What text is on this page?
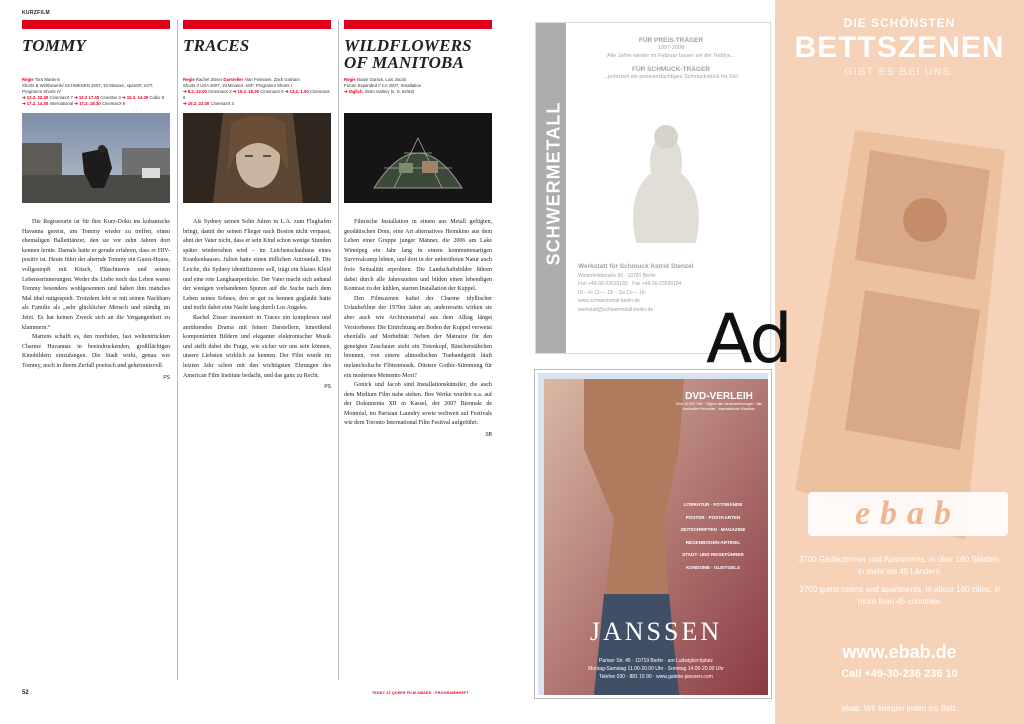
KURZFILM
TOMMY
Regie Tora Martens
Shorts & Wettbewerb/ SCHWEDEN 2007, 18 Minuten, spanOF, eOT, Programm Shorts IV
➔ 13.2. 22.30 CinemaxX 7 ➔ 12.2 17.45 CineStar 3 ➔ 15.2. 14.30 Cubix 9
➔ 17.2. 14.00 International ➔ 17.2. 18.30 CinemaxX 6

Die Regisseurin ist für ihre Kurz-Doku ins kubanische Havanna gereist, um Tommy wieder zu treffen, einen ehemaligen Balletttänzer, den sie vor zehn Jahren dort kennen lernte. Damals hatte er gerade erfahren, dass er HIV-positiv ist. Heute führt der alternde Tommy ein Guest-House, vollgestopft mit Kitsch, Plüschtieren und seinen Lebenserinnerungen. Weder die Liebe noch das Leben waren Tommy besonders wohlgesonnen und haben ihm manches Mal übel mitgespielt. Trotzdem lebt er mit seinen Nachbarn als Familie als „sehr glücklicher Mensch und ständig im Jetzt. Es hat keinen Zweck sich an die Vergangenheit zu klammern.“

Martens schafft es, den morbiden, fast weltentrückten Charme Havannas in beeindruckenden, großflächigen Kinobildern einzufangen. Die Stadt wirkt, genau wie Tommy, noch in ihrem Zerfall poetisch und geheimnisvoll.

PS
TRACES
Regie Rachel Zisser Darsteller Alan Feinstein, Zack Graham
Shorts // USA 2007, 19 Minuten, eOF, Programm Shorts I
➔ 8.2. 22.00 CinemaxX 3 ➔ 10.2. 18.30 CinemaxX 6 ➔ 13.2. 1.00 CinemaxX 6
➔ 15.2. 22.00 CinemaxX 3

Als Sydney seinen Sohn Julien in L.A. zum Flughafen bringt, damit der seinen Flieger nach Boston nicht verpasst, ahnt der Vater nicht, dass er sein Kind schon wenige Stunden später wiedersehen wird – im Leichenschauhaus eines Krankenhauses. Julien hatte einen tödlichen Autounfall. Die Leiche, die Sydney identifizieren soll, trägt ein blaues Kleid und eine rote Langhaarperücke. Der Vater macht sich anhand der wenigen vorhandenen Spuren auf die Suche nach dem Leben seines Sohnes, den er gut zu kennen geglaubt hatte und treibt dabei eine Nacht lang durch Los Angeles.

Rachel Zisser inszeniert in Traces ein komplexes und anrührendes Drama mit feinen Darstellern, hinreißend komponierten Bildern und eleganter elektronischer Musik und stellt dabei die Frage, wie sicher wir uns sein können, unsere Liebsten wirklich zu kennen. Der Film wurde im letzten Jahr schon mit den wichtigsten Ehrungen des American Film Institute bedacht, und das ganz zu Recht.

PS
WILDFLOWERS OF MANITOBA
Regie Noam Gonick, Luis Jacob
Forum Expanded // CA 2007, Installation
➔ täglich, Wolo Gallery (s. S. 62/63)

Filmische Installation in einem aus Metall gefügten, geodätischen Dom, eine Art alternatives Heimkino aus dem Leben einer Gruppe junger Männer, die 2006 am Lake Winnipeg ein Jahr lang in einem kommunenartigen Survivalcamp lebten, und dort in der unberührten Natur auch freie Sexualität erprobten. Die Landschaftsbilder führen dabei durch alle Jahreszeiten und bilden einen lebendigen Kontrast zu der kühlen, starren Installation der Kuppel.

Den Filmszenen haftet der Charme idyllischer Urlaubsfilme der 1970er Jahre an, andererseits wirken sie aber auch wie Archivmaterial aus dem Alltag längst Verstorbener. Die Einrichtung am Boden der Kuppel verweist ebenfalls auf Morbidität: Neben der Matratze für den geneigten Zuschauer steht ein Totenkopf, Räucherstäbchen brennen, von einem altmodischen Tonbandgerät läuft melancholische Flötenmusik. Düstere Gothic-Stimmung für ein modernes Memento Mori?

Gonick und Jacob sind Installationskünstler, die auch dem Medium Film nahe stehen. Ihre Werke wurden u.a. auf der Dokumenta XII in Kassel, der 2007 Biennale de Montréal, im Parisian Laundry sowie weltweit auf Festivals wie dem Toronto International Film Festival aufgeführt.

SB
52	TEDDY 22 QUEER FILM AWARD · PROGRAMMHEFT
SCHWERMETALL
FÜR PREIS-TRÄGER
1997-2008
Alle Jahre wieder im Februar bauen wir die Teddys...
FÜR SCHMUCK-TRÄGER
...jederzeit ein preisverdächtiges Schmuckstück für Sie!
Werkstatt für Schmuck Astrid Stenzel
Winterfeldtstraße 50 · 10781 Berlin
Fon +49-30-23639183 · Fax +49-30-23639184
Di – Fr 11ⁿ – 19ⁿ · Sa 11ⁿ – 16ⁿ
www.schwermetall-berlin.de
werkstatt@schwermetall-berlin.de
DVD-VERLEIH
Über 10.000 Titel · Täglich alle Neuerscheinungen · Alle namhaften Hersteller · Internationale Klassiker
LITERATUR · FOTOBÄNDE
POSTER · POSTKARTEN
ZEITSCHRIFTEN · MAGAZINE
REGENBOGEN-ARTIKEL
STADT- UND REISEFÜHRER
KONDOME · GLEITGELS
JANSSEN
Pariser Str. 45 · 10719 Berlin · am Ludwigkirchplatz
Montag-Samstag 11.00-20.00 Uhr · Sonntag 14.00-20.00 Uhr
Telefon 030 - 881 15 90 · www.galerie-janssen.com
DIE SCHÖNSTEN
BETTSZENEN
GIBT ES BEI UNS.
ebab
3700 Gästezimmer und Apartments, in über 160 Städten, in mehr als 45 Ländern.
3700 guest rooms and apartments, in about 160 cities, in more than 45 countries.
www.ebab.de
Call +49-30-236 236 10
ebab. Wir kriegen jeden ins Bett.
Ad
